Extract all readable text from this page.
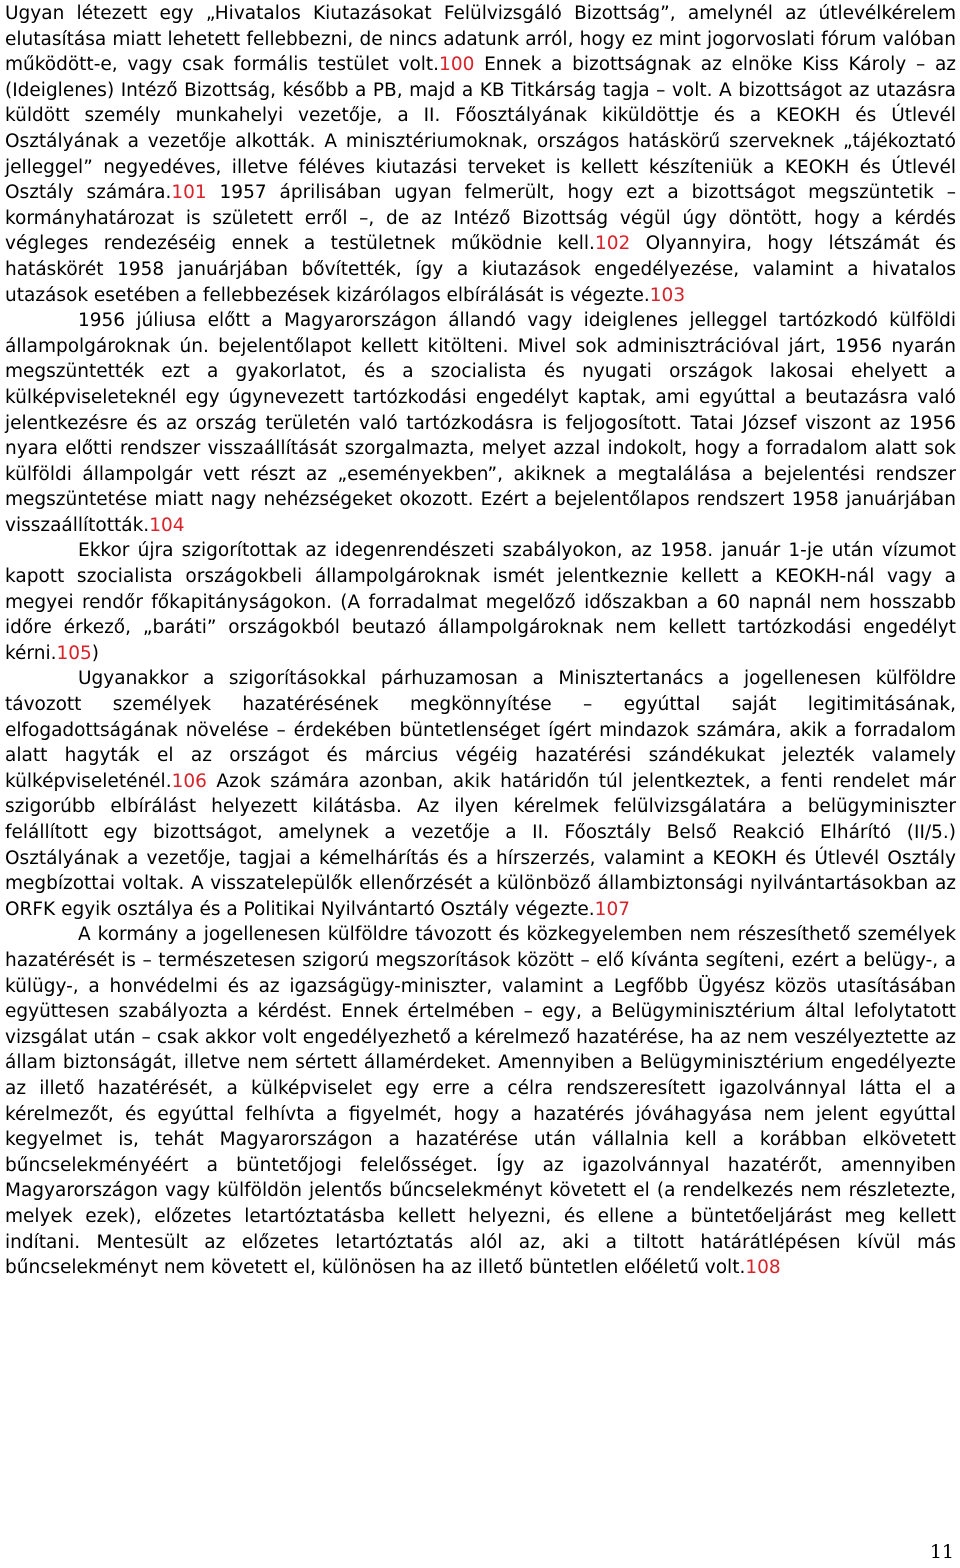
Ugyan létezett egy „Hivatalos Kiutazásokat Felülvizsgáló Bizottság”, amelynél az útlevélkérelem elutasítása miatt lehetett fellebbezni, de nincs adatunk arról, hogy ez mint jogorvoslati fórum valóban működött-e, vagy csak formális testület volt.100 Ennek a bizottságnak az elnöke Kiss Károly – az (Ideiglenes) Intéző Bizottság, később a PB, majd a KB Titkárság tagja – volt. A bizottságot az utazásra küldött személy munkahelyi vezetője, a II. Főosztályának kiküldöttje és a KEOKH és Útlevél Osztályának a vezetője alkották. A minisztériumoknak, országos hatáskörű szerveknek „tájékoztató jelleggel” negyedéves, illetve féléves kiutazási terveket is kellett készíteniük a KEOKH és Útlevél Osztály számára.101 1957 áprilisában ugyan felmerült, hogy ezt a bizottságot megszüntetik – kormányhatározat is született erről –, de az Intéző Bizottság végül úgy döntött, hogy a kérdés végleges rendezéséig ennek a testületnek működnie kell.102 Olyannyira, hogy létszámát és hatáskörét 1958 januárjában bővítették, így a kiutazások engedélyezése, valamint a hivatalos utazások esetében a fellebbezések kizárólagos elbírálását is végezte.103

1956 júliusa előtt a Magyarországon állandó vagy ideiglenes jelleggel tartózkodó külföldi állampolgároknak ún. bejelentőlapot kellett kitölteni. Mivel sok adminisztrációval járt, 1956 nyarán megszüntették ezt a gyakorlatot, és a szocialista és nyugati országok lakosai ehelyett a külképviseleteknél egy úgynevezett tartózkodási engedélyt kaptak, ami egyúttal a beutazásra való jelentkezésre és az ország területén való tartózkodásra is feljogosított. Tatai József viszont az 1956 nyara előtti rendszer visszaállítását szorgalmazta, melyet azzal indokolt, hogy a forradalom alatt sok külföldi állampolgár vett részt az „eseményekben”, akiknek a megtalálása a bejelentési rendszer megszüntetése miatt nagy nehézségeket okozott. Ezért a bejelentőlapos rendszert 1958 januárjában visszaállították.104

Ekkor újra szigorítottak az idegenrendészeti szabályokon, az 1958. január 1-je után vízumot kapott szocialista országokbeli állampolgároknak ismét jelentkeznie kellett a KEOKH-nál vagy a megyei rendőr főkapitányságokon. (A forradalmat megelőző időszakban a 60 napnál nem hosszabb időre érkező, „baráti” országokból beutazó állampolgároknak nem kellett tartózkodási engedélyt kérni.105)

Ugyanakkor a szigorításokkal párhuzamosan a Minisztertanács a jogellenesen külföldre távozott személyek hazatérésének megkönnyítése – egyúttal saját legitimitásának, elfogadottságának növelése – érdekében büntetlenséget ígért mindazok számára, akik a forradalom alatt hagyták el az országot és március végéig hazatérési szándékukat jelezték valamely külképviseleténél.106 Azok számára azonban, akik határidőn túl jelentkeztek, a fenti rendelet már szigorúbb elbírálást helyezett kilátásba. Az ilyen kérelmek felülvizsgálatára a belügyminiszter felállított egy bizottságot, amelynek a vezetője a II. Főosztály Belső Reakció Elhárító (II/5.) Osztályának a vezetője, tagjai a kémelhárítás és a hírszerzés, valamint a KEOKH és Útlevél Osztály megbízottai voltak. A visszatelepülők ellenőrzését a különböző állambiztonsági nyilvántartásokban az ORFK egyik osztálya és a Politikai Nyilvántartó Osztály végezte.107

A kormány a jogellenesen külföldre távozott és közkegyelemben nem részesíthető személyek hazatérését is – természetesen szigorú megszorítások között – elő kívánta segíteni, ezért a belügy-, a külügy-, a honvédelmi és az igazságügy-miniszter, valamint a Legfőbb Ügyész közös utasításában együttesen szabályozta a kérdést. Ennek értelmében – egy, a Belügyminisztérium által lefolytatott vizsgálat után – csak akkor volt engedélyezhető a kérelmező hazatérése, ha az nem veszélyeztette az állam biztonságát, illetve nem sértett államérdeket. Amennyiben a Belügyminisztérium engedélyezte az illető hazatérését, a külképviselet egy erre a célra rendszeresített igazolvánnyal látta el a kérelmezőt, és egyúttal felhívta a figyelmét, hogy a hazatérés jóváhagyása nem jelent egyúttal kegyelmet is, tehát Magyarországon a hazatérése után vállalnia kell a korábban elkövetett bűncselekményéért a büntetőjogi felelősséget. Így az igazolvánnyal hazatérőt, amennyiben Magyarországon vagy külföldön jelentős bűncselekményt követett el (a rendelkezés nem részletezte, melyek ezek), előzetes letartóztatásba kellett helyezni, és ellene a büntetőeljárást meg kellett indítani. Mentesült az előzetes letartóztatás alól az, aki a tiltott határátlépésen kívül más bűncselekményt nem követett el, különösen ha az illető büntetlen előéletű volt.108

11
